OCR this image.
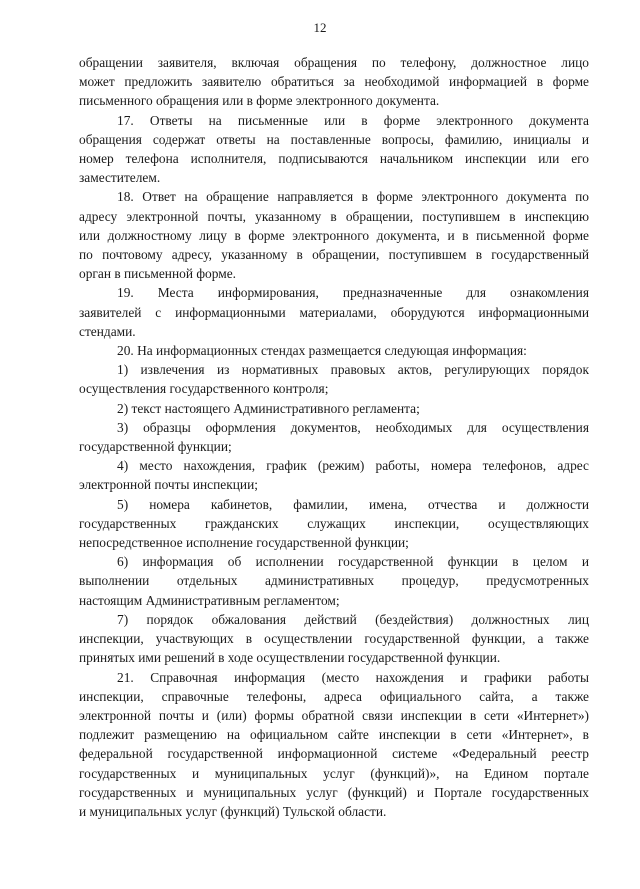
12
обращении заявителя, включая обращения по телефону, должностное лицо
может предложить заявителю обратиться за необходимой информацией в форме
письменного обращения или в форме электронного документа.
17. Ответы на письменные или в форме электронного документа
обращения содержат ответы на поставленные вопросы, фамилию, инициалы и
номер телефона исполнителя, подписываются начальником инспекции или его
заместителем.
18. Ответ на обращение направляется в форме электронного документа по
адресу электронной почты, указанному в обращении, поступившем в инспекцию
или должностному лицу в форме электронного документа, и в письменной форме
по почтовому адресу, указанному в обращении, поступившем в государственный
орган в письменной форме.
19. Места информирования, предназначенные для ознакомления
заявителей с информационными материалами, оборудуются информационными
стендами.
20. На информационных стендах размещается следующая информация:
1) извлечения из нормативных правовых актов, регулирующих порядок
осуществления государственного контроля;
2) текст настоящего Административного регламента;
3) образцы оформления документов, необходимых для осуществления
государственной функции;
4) место нахождения, график (режим) работы, номера телефонов, адрес
электронной почты инспекции;
5) номера кабинетов, фамилии, имена, отчества и должности
государственных гражданских служащих инспекции, осуществляющих
непосредственное исполнение государственной функции;
6) информация об исполнении государственной функции в целом и
выполнении отдельных административных процедур, предусмотренных
настоящим Административным регламентом;
7) порядок обжалования действий (бездействия) должностных лиц
инспекции, участвующих в осуществлении государственной функции, а также
принятых ими решений в ходе осуществлении государственной функции.
21. Справочная информация (место нахождения и графики работы
инспекции, справочные телефоны, адреса официального сайта, а также
электронной почты и (или) формы обратной связи инспекции в сети «Интернет»)
подлежит размещению на официальном сайте инспекции в сети «Интернет», в
федеральной государственной информационной системе «Федеральный реестр
государственных и муниципальных услуг (функций)», на Едином портале
государственных и муниципальных услуг (функций) и Портале государственных
и муниципальных услуг (функций) Тульской области.
